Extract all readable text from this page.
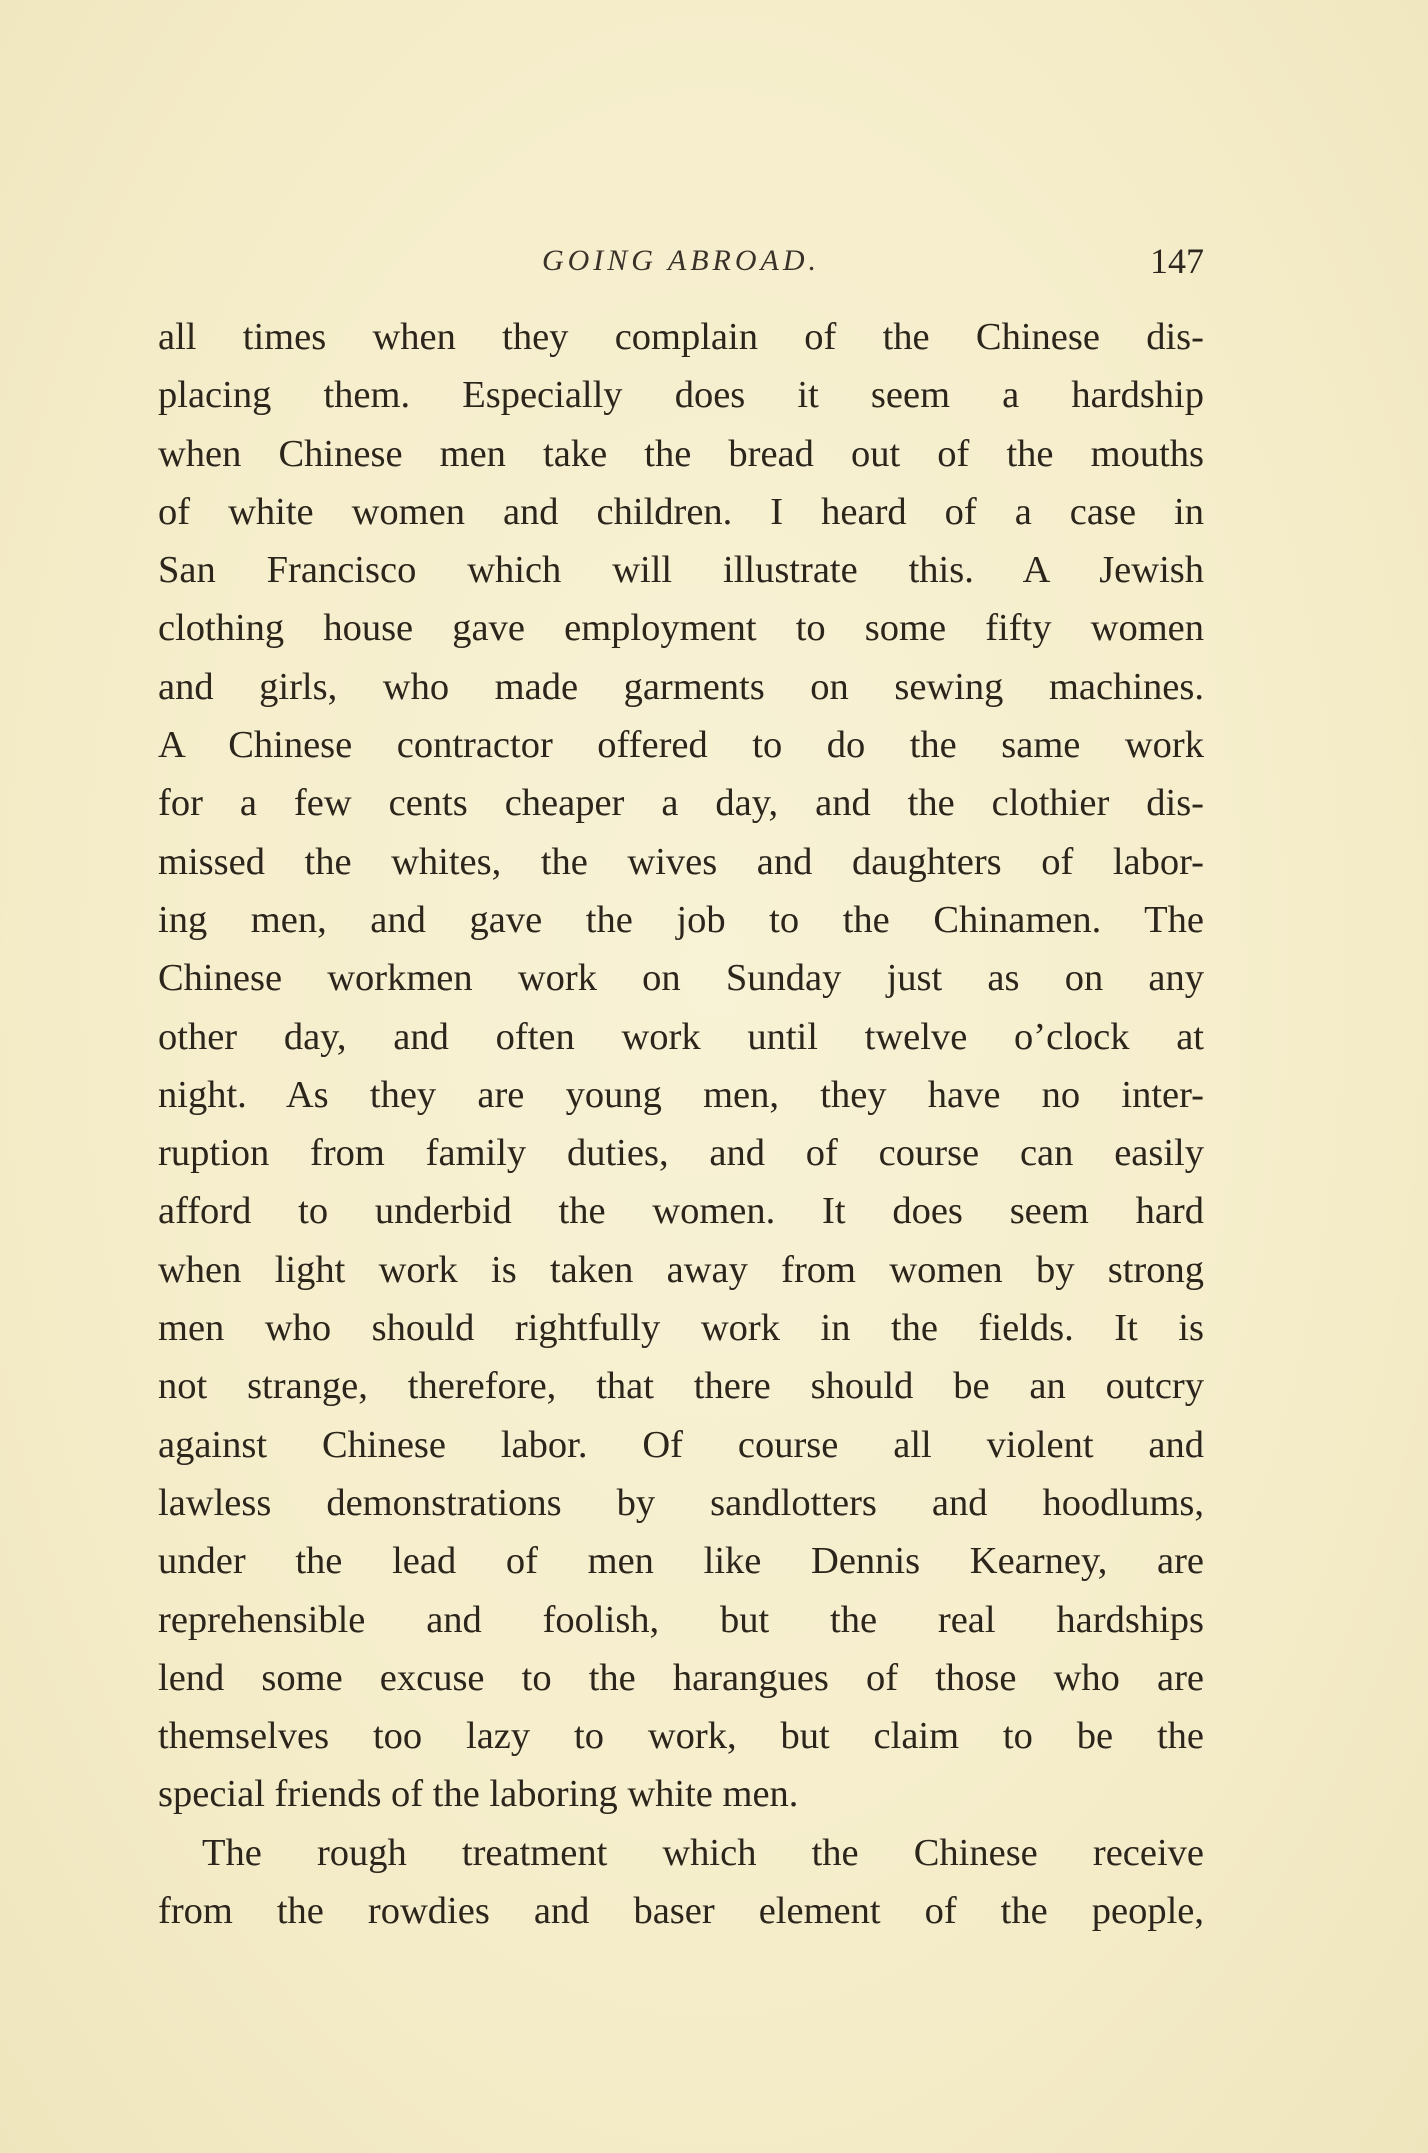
GOING ABROAD.	147
all times when they complain of the Chinese dis-
placing them. Especially does it seem a hardship
when Chinese men take the bread out of the mouths
of white women and children. I heard of a case in
San Francisco which will illustrate this. A Jewish
clothing house gave employment to some fifty women
and girls, who made garments on sewing machines.
A Chinese contractor offered to do the same work
for a few cents cheaper a day, and the clothier dis-
missed the whites, the wives and daughters of labor-
ing men, and gave the job to the Chinamen. The
Chinese workmen work on Sunday just as on any
other day, and often work until twelve o’clock at
night. As they are young men, they have no inter-
ruption from family duties, and of course can easily
afford to underbid the women. It does seem hard
when light work is taken away from women by strong
men who should rightfully work in the fields. It is
not strange, therefore, that there should be an outcry
against Chinese labor. Of course all violent and
lawless demonstrations by sandlotters and hoodlums,
under the lead of men like Dennis Kearney, are
reprehensible and foolish, but the real hardships
lend some excuse to the harangues of those who are
themselves too lazy to work, but claim to be the
special friends of the laboring white men.
The rough treatment which the Chinese receive
from the rowdies and baser element of the people,
